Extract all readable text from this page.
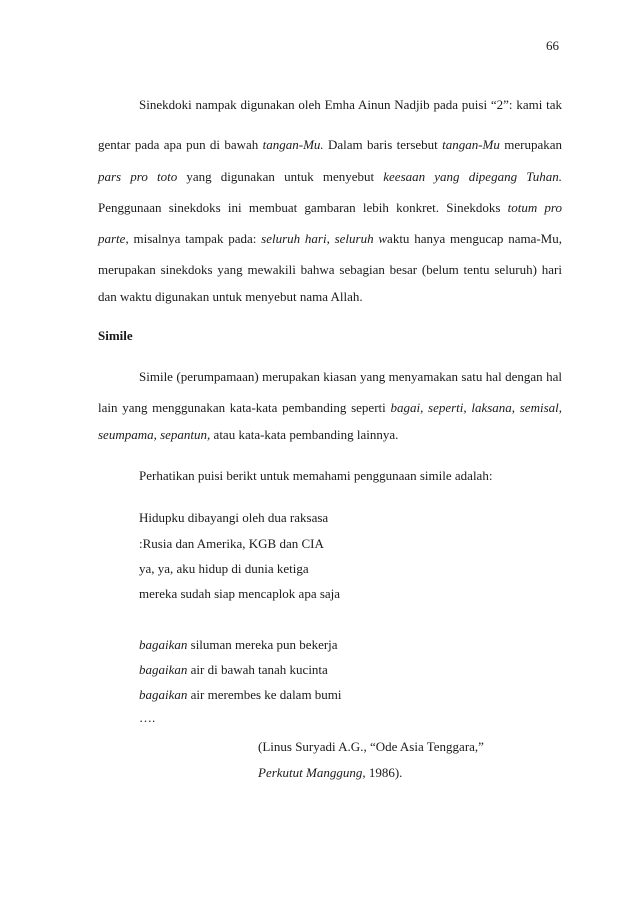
66
Sinekdoki nampak digunakan oleh Emha Ainun Nadjib pada puisi “2”: kami tak
gentar pada apa pun di bawah tangan-Mu. Dalam baris tersebut tangan-Mu merupakan
pars pro toto yang digunakan untuk menyebut keesaan yang dipegang Tuhan.
Penggunaan sinekdoks ini membuat gambaran lebih konkret. Sinekdoks totum pro
parte, misalnya tampak pada: seluruh hari, seluruh waktu hanya mengucap nama-Mu,
merupakan sinekdoks yang mewakili bahwa sebagian besar (belum tentu seluruh) hari
dan waktu digunakan untuk menyebut nama Allah.
Simile
Simile (perumpamaan) merupakan kiasan yang menyamakan satu hal dengan hal
lain yang menggunakan kata-kata pembanding seperti bagai, seperti, laksana, semisal,
seumpama, sepantun, atau kata-kata pembanding lainnya.
Perhatikan puisi berikt untuk memahami penggunaan simile adalah:
Hidupku dibayangi oleh dua raksasa
:Rusia dan Amerika, KGB dan CIA
ya, ya, aku hidup di dunia ketiga
mereka sudah siap mencaplok apa saja
bagaikan siluman mereka pun bekerja
bagaikan air di bawah tanah kucinta
bagaikan air merembes ke dalam bumi
….
(Linus Suryadi A.G., “Ode Asia Tenggara,”
Perkutut Manggung, 1986).
